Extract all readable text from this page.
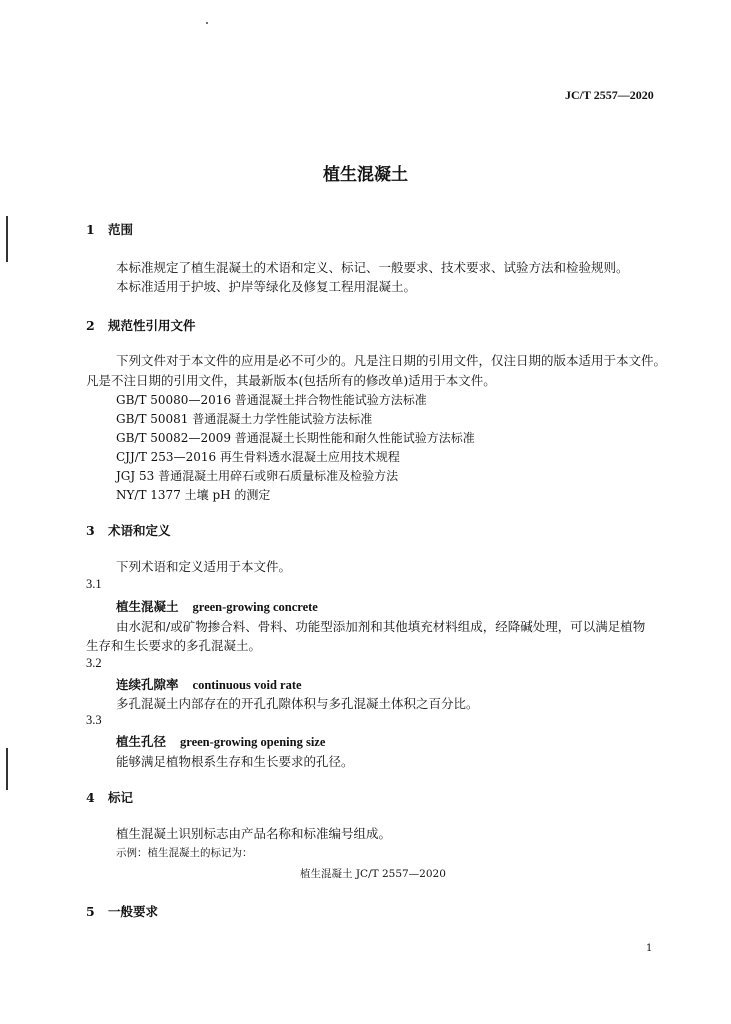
JC/T 2557—2020
植生混凝土
1 范围
本标准规定了植生混凝土的术语和定义、标记、一般要求、技术要求、试验方法和检验规则。
本标准适用于护坡、护岸等绿化及修复工程用混凝土。
2 规范性引用文件
下列文件对于本文件的应用是必不可少的。凡是注日期的引用文件，仅注日期的版本适用于本文件。
凡是不注日期的引用文件，其最新版本(包括所有的修改单)适用于本文件。
GB/T 50080—2016 普通混凝土拌合物性能试验方法标准
GB/T 50081 普通混凝土力学性能试验方法标准
GB/T 50082—2009 普通混凝土长期性能和耐久性能试验方法标准
CJJ/T 253—2016 再生骨料透水混凝土应用技术规程
JGJ 53 普通混凝土用碎石或卵石质量标准及检验方法
NY/T 1377 土壤 pH 的测定
3 术语和定义
下列术语和定义适用于本文件。
3.1
植生混凝土 green-growing concrete
由水泥和/或矿物掺合料、骨料、功能型添加剂和其他填充材料组成，经降碱处理，可以满足植物
生存和生长要求的多孔混凝土。
3.2
连续孔隙率 continuous void rate
多孔混凝土内部存在的开孔孔隙体积与多孔混凝土体积之百分比。
3.3
植生孔径 green-growing opening size
能够满足植物根系生存和生长要求的孔径。
4 标记
植生混凝土识别标志由产品名称和标准编号组成。
示例：植生混凝土的标记为：
植生混凝土 JC/T 2557—2020
5 一般要求
1
